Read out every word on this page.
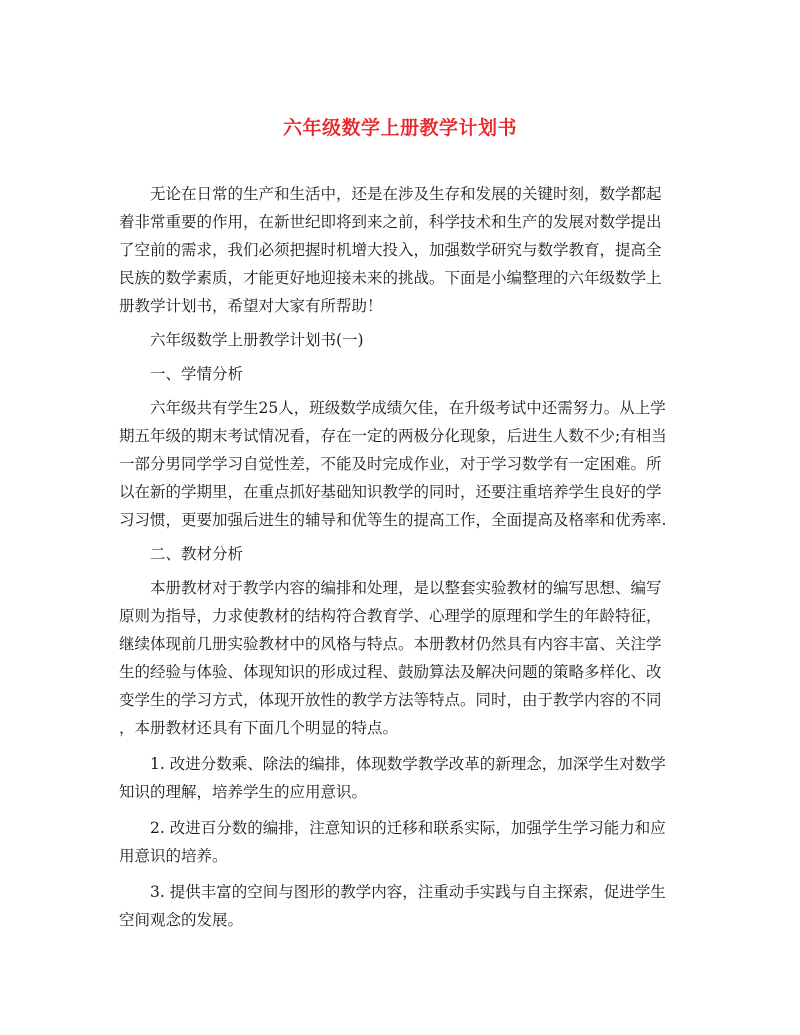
六年级数学上册教学计划书
无论在日常的生产和生活中，还是在涉及生存和发展的关键时刻，数学都起
着非常重要的作用，在新世纪即将到来之前，科学技术和生产的发展对数学提出
了空前的需求，我们必须把握时机增大投入，加强数学研究与数学教育，提高全
民族的数学素质，才能更好地迎接未来的挑战。下面是小编整理的六年级数学上
册教学计划书，希望对大家有所帮助！
六年级数学上册教学计划书(一)
一、学情分析
六年级共有学生25人，班级数学成绩欠佳，在升级考试中还需努力。从上学
期五年级的期末考试情况看，存在一定的两极分化现象，后进生人数不少;有相当
一部分男同学学习自觉性差，不能及时完成作业，对于学习数学有一定困难。所
以在新的学期里，在重点抓好基础知识教学的同时，还要注重培养学生良好的学
习习惯，更要加强后进生的辅导和优等生的提高工作，全面提高及格率和优秀率.
二、教材分析
本册教材对于教学内容的编排和处理，是以整套实验教材的编写思想、编写
原则为指导，力求使教材的结构符合教育学、心理学的原理和学生的年龄特征，
继续体现前几册实验教材中的风格与特点。本册教材仍然具有内容丰富、关注学
生的经验与体验、体现知识的形成过程、鼓励算法及解决问题的策略多样化、改
变学生的学习方式，体现开放性的教学方法等特点。同时，由于教学内容的不同
，本册教材还具有下面几个明显的特点。
1. 改进分数乘、除法的编排，体现数学教学改革的新理念，加深学生对数学
知识的理解，培养学生的应用意识。
2. 改进百分数的编排，注意知识的迁移和联系实际，加强学生学习能力和应
用意识的培养。
3. 提供丰富的空间与图形的教学内容，注重动手实践与自主探索，促进学生
空间观念的发展。
